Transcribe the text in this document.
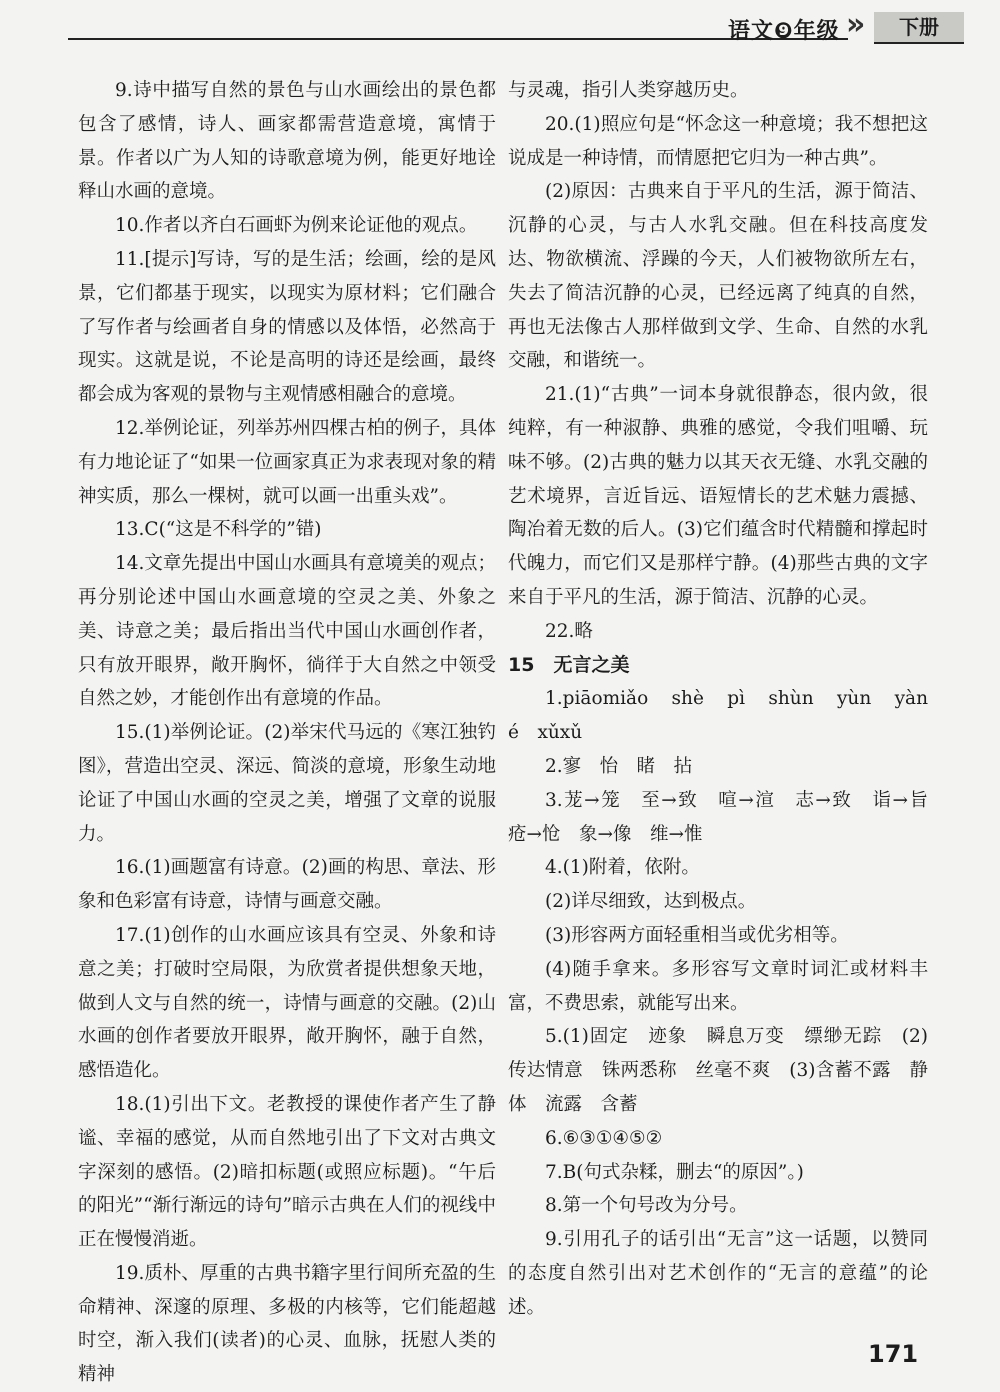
语文❾年级 »	下册

9.诗中描写自然的景色与山水画绘出的景色都包含了感情，诗人、画家都需营造意境，寓情于景。作者以广为人知的诗歌意境为例，能更好地诠释山水画的意境。

10.作者以齐白石画虾为例来论证他的观点。

11.[提示]写诗，写的是生活；绘画，绘的是风景，它们都基于现实，以现实为原材料；它们融合了写作者与绘画者自身的情感以及体悟，必然高于现实。这就是说，不论是高明的诗还是绘画，最终都会成为客观的景物与主观情感相融合的意境。

12.举例论证，列举苏州四棵古柏的例子，具体有力地论证了“如果一位画家真正为求表现对象的精神实质，那么一棵树，就可以画一出重头戏”。

13.C(“这是不科学的”错)

14.文章先提出中国山水画具有意境美的观点；再分别论述中国山水画意境的空灵之美、外象之美、诗意之美；最后指出当代中国山水画创作者，只有放开眼界，敞开胸怀，徜徉于大自然之中领受自然之妙，才能创作出有意境的作品。

15.(1)举例论证。(2)举宋代马远的《寒江独钓图》，营造出空灵、深远、简淡的意境，形象生动地论证了中国山水画的空灵之美，增强了文章的说服力。

16.(1)画题富有诗意。(2)画的构思、章法、形象和色彩富有诗意，诗情与画意交融。

17.(1)创作的山水画应该具有空灵、外象和诗意之美；打破时空局限，为欣赏者提供想象天地，做到人文与自然的统一，诗情与画意的交融。(2)山水画的创作者要放开眼界，敞开胸怀，融于自然，感悟造化。

18.(1)引出下文。老教授的课使作者产生了静谧、幸福的感觉，从而自然地引出了下文对古典文字深刻的感悟。(2)暗扣标题(或照应标题)。“午后的阳光”“渐行渐远的诗句”暗示古典在人们的视线中正在慢慢消逝。

19.质朴、厚重的古典书籍字里行间所充盈的生命精神、深邃的原理、多极的内核等，它们能超越时空，渐入我们(读者)的心灵、血脉，抚慰人类的精神

与灵魂，指引人类穿越历史。

20.(1)照应句是“怀念这一种意境；我不想把这说成是一种诗情，而情愿把它归为一种古典”。

(2)原因：古典来自于平凡的生活，源于简洁、沉静的心灵，与古人水乳交融。但在科技高度发达、物欲横流、浮躁的今天，人们被物欲所左右，失去了简洁沉静的心灵，已经远离了纯真的自然，再也无法像古人那样做到文学、生命、自然的水乳交融，和谐统一。

21.(1)“古典”一词本身就很静态，很内敛，很纯粹，有一种淑静、典雅的感觉，令我们咀嚼、玩味不够。(2)古典的魅力以其天衣无缝、水乳交融的艺术境界，言近旨远、语短情长的艺术魅力震撼、陶冶着无数的后人。(3)它们蕴含时代精髓和撑起时代魄力，而它们又是那样宁静。(4)那些古典的文字来自于平凡的生活，源于简洁、沉静的心灵。

22.略

15　无言之美

1.piāomiǎo　shè　pì　shùn　yùn　yàn　é　xǔxǔ

2.寥　怡　睹　拈

3.茏→笼　至→致　喧→渲　志→致　诣→旨　疮→怆　象→像　维→惟

4.(1)附着，依附。

(2)详尽细致，达到极点。

(3)形容两方面轻重相当或优劣相等。

(4)随手拿来。多形容写文章时词汇或材料丰富，不费思索，就能写出来。

5.(1)固定　迹象　瞬息万变　缥缈无踪　(2)传达情意　铢两悉称　丝毫不爽　(3)含蓄不露　静体　流露　含蓄

6.⑥③①④⑤②

7.B(句式杂糅，删去“的原因”。)

8.第一个句号改为分号。

9.引用孔子的话引出“无言”这一话题，以赞同的态度自然引出对艺术创作的“无言的意蕴”的论述。

171
